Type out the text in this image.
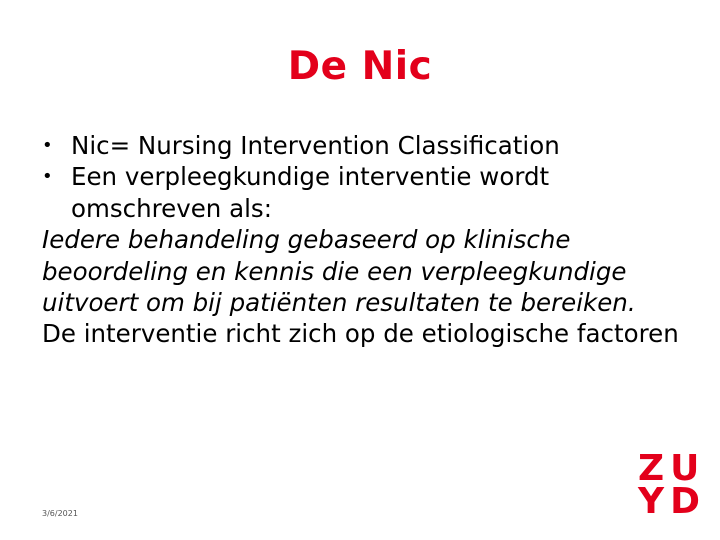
De Nic
• Nic= Nursing Intervention Classification
• Een verpleegkundige interventie wordt omschreven als:

Iedere behandeling gebaseerd op klinische beoordeling en kennis die een verpleegkundige uitvoert om bij patiënten resultaten te bereiken.

De interventie richt zich op de etiologische factoren

3/6/2021
ZU
YD
